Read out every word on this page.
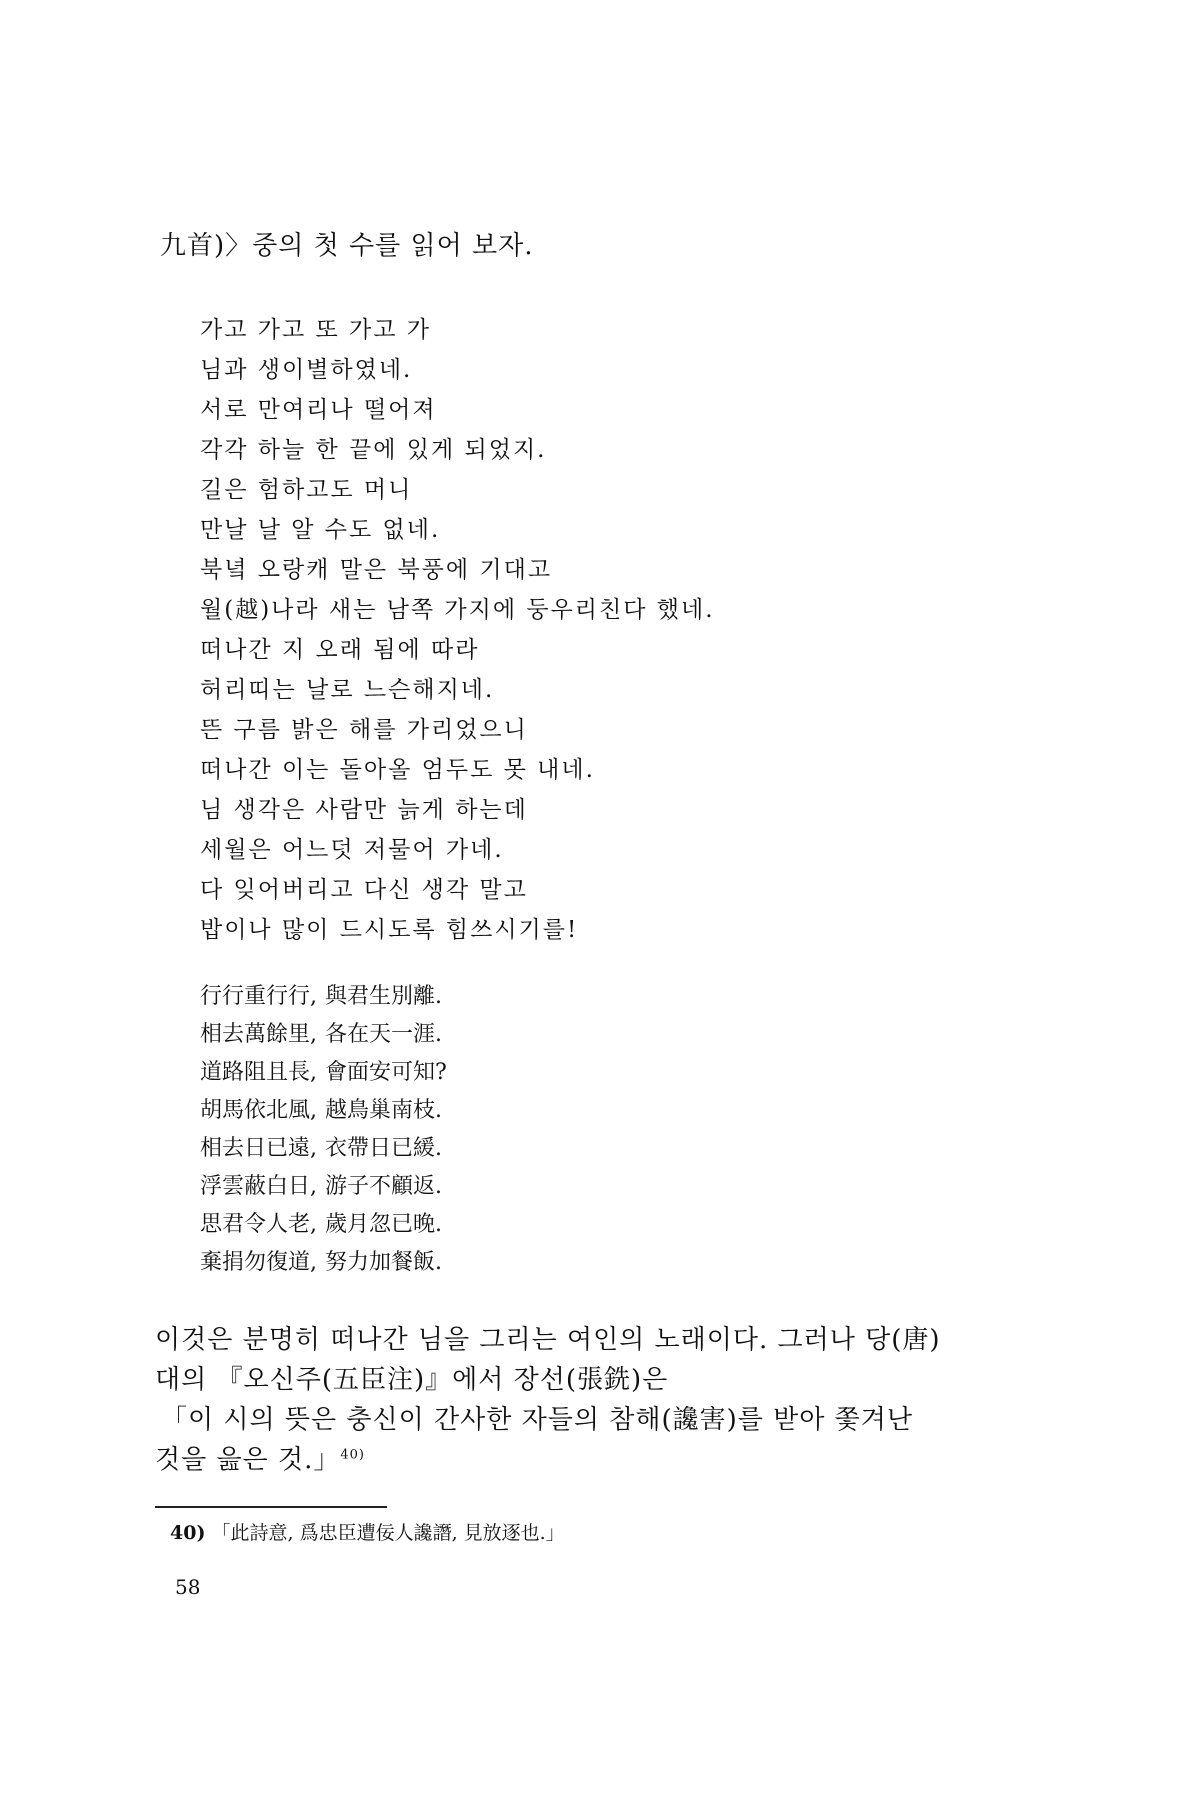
九首)〉중의 첫 수를 읽어 보자.
가고 가고 또 가고 가
님과 생이별하였네.
서로 만여리나 떨어져
각각 하늘 한 끝에 있게 되었지.
길은 험하고도 머니
만날 날 알 수도 없네.
북녘 오랑캐 말은 북풍에 기대고
월(越)나라 새는 남쪽 가지에 둥우리친다 했네.
떠나간 지 오래 됨에 따라
허리띠는 날로 느슨해지네.
뜬 구름 밝은 해를 가리었으니
떠나간 이는 돌아올 엄두도 못 내네.
님 생각은 사람만 늙게 하는데
세월은 어느덧 저물어 가네.
다 잊어버리고 다신 생각 말고
밥이나 많이 드시도록 힘쓰시기를!
行行重行行, 與君生別離.
相去萬餘里, 各在天一涯.
道路阻且長, 會面安可知?
胡馬依北風, 越鳥巢南枝.
相去日已遠, 衣帶日已緩.
浮雲蔽白日, 游子不顧返.
思君令人老, 歲月忽已晚.
棄捐勿復道, 努力加餐飯.
이것은 분명히 떠나간 님을 그리는 여인의 노래이다. 그러나 당(唐)
대의 『오신주(五臣注)』에서 장선(張銑)은
「이 시의 뜻은 충신이 간사한 자들의 참해(讒害)를 받아 쫓겨난
것을 읊은 것.」$^{40)}$
40) 「此詩意, 爲忠臣遭佞人讒譖, 見放逐也.」
58
